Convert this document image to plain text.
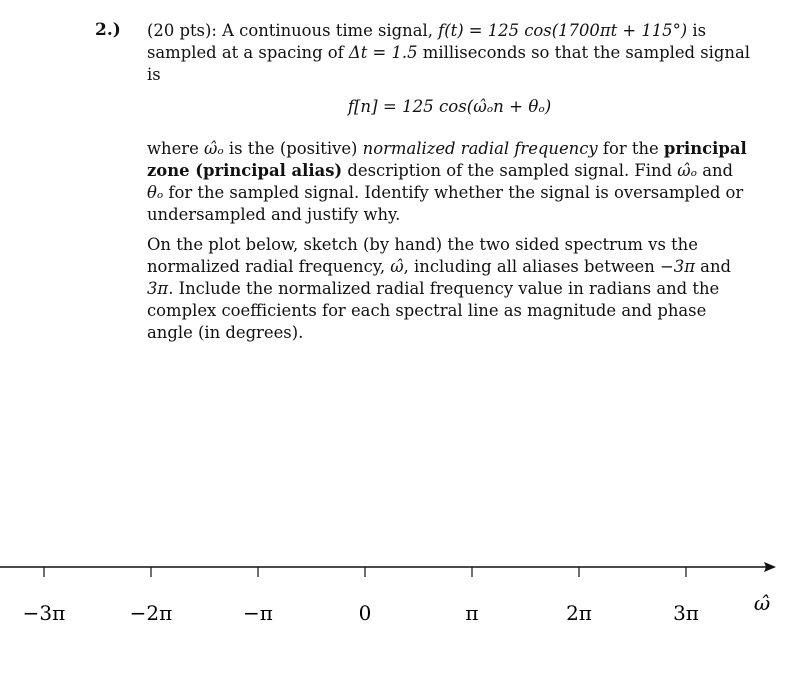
2.) (20 pts): A continuous time signal, f(t) = 125 cos(1700πt + 115°) is sampled at a spacing of Δt = 1.5 milliseconds so that the sampled signal is

f[n] = 125 cos(ω̂ₒn + θₒ)

where ω̂ₒ is the (positive) normalized radial frequency for the principal zone (principal alias) description of the sampled signal. Find ω̂ₒ and θₒ for the sampled signal. Identify whether the signal is oversampled or undersampled and justify why.

On the plot below, sketch (by hand) the two sided spectrum vs the normalized radial frequency, ω̂, including all aliases between −3π and 3π. Include the normalized radial frequency value in radians and the complex coefficients for each spectral line as magnitude and phase angle (in degrees).

−3π	−2π	−π	0	π	2π	3π	ω̂
